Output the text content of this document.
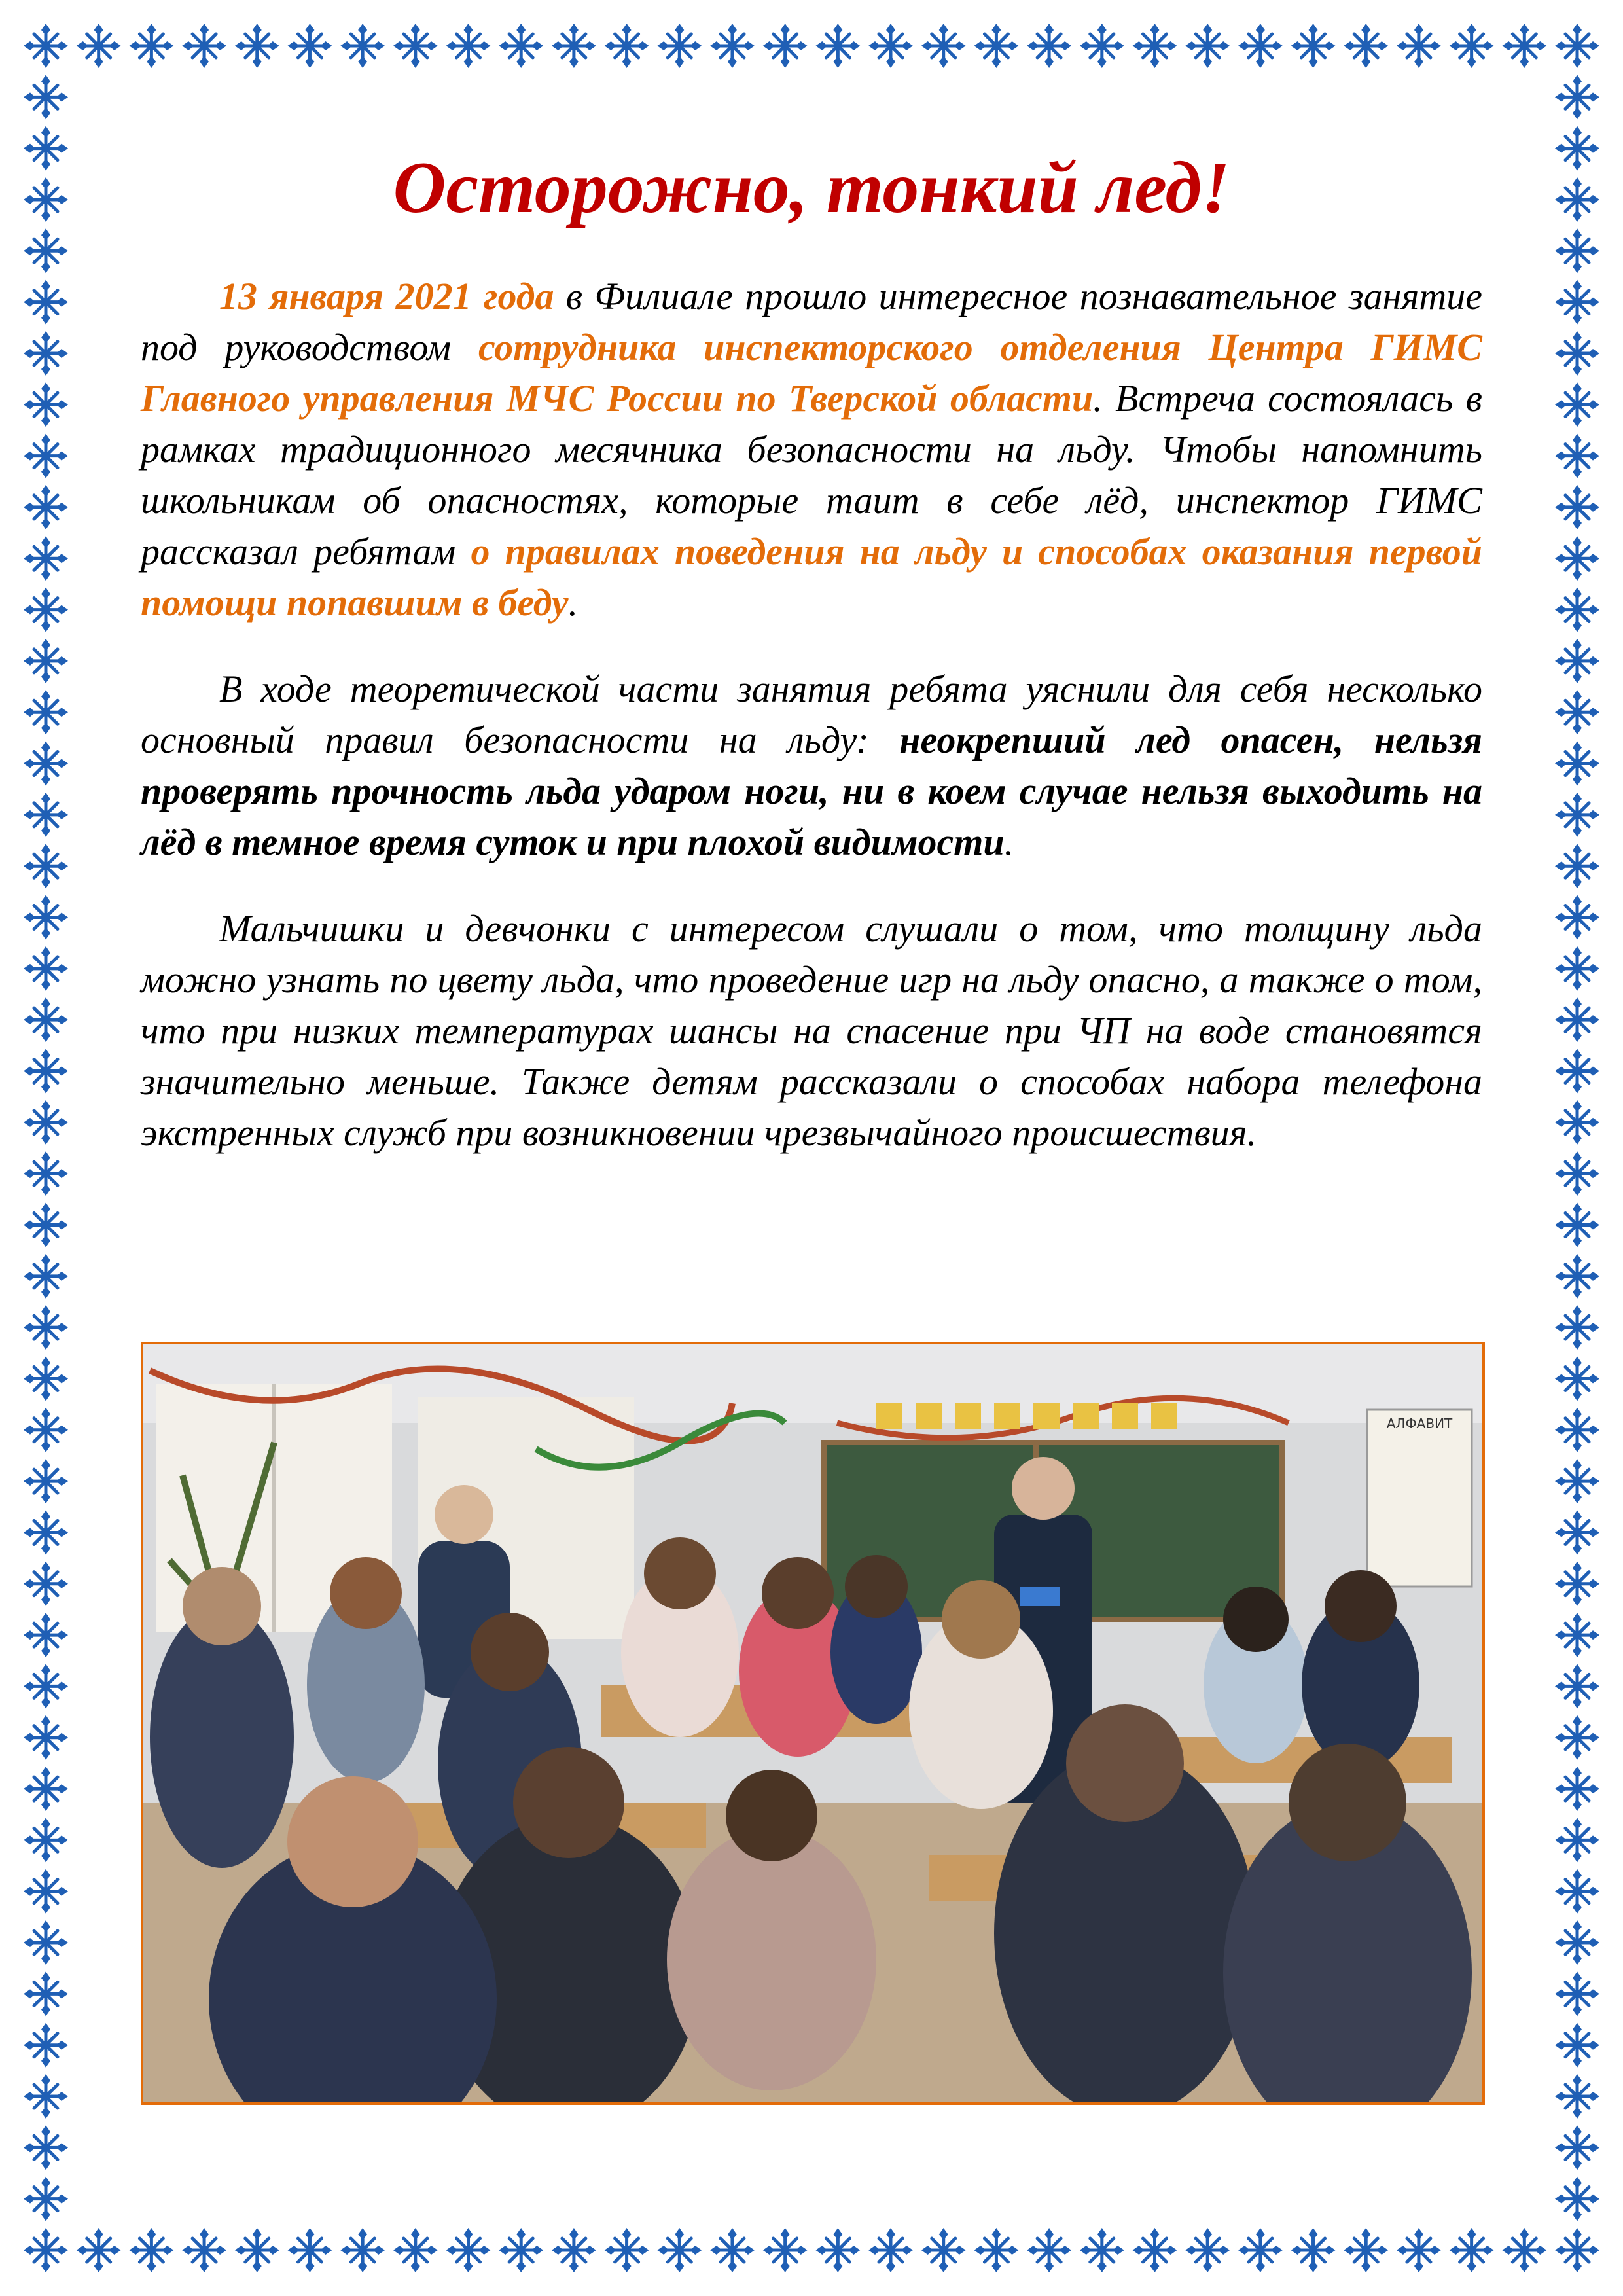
Осторожно, тонкий лед!

13 января 2021 года в Филиале прошло интересное познавательное занятие под руководством сотрудника инспекторского отделения Центра ГИМС Главного управления МЧС России по Тверской области. Встреча состоялась в рамках традиционного месячника безопасности на льду. Чтобы напомнить школьникам об опасностях, которые таит в себе лёд, инспектор ГИМС рассказал ребятам о правилах поведения на льду и способах оказания первой помощи попавшим в беду.

В ходе теоретической части занятия ребята уяснили для себя несколько основный правил безопасности на льду: неокрепший лед опасен, нельзя проверять прочность льда ударом ноги, ни в коем случае нельзя выходить на лёд в темное время суток и при плохой видимости.

Мальчишки и девчонки с интересом слушали о том, что толщину льда можно узнать по цвету льда, что проведение игр на льду опасно, а также о том, что при низких температурах шансы на спасение при ЧП на воде становятся значительно меньше. Также детям рассказали о способах набора телефона экстренных служб при возникновении чрезвычайного происшествия.

АЛФАВИТ
